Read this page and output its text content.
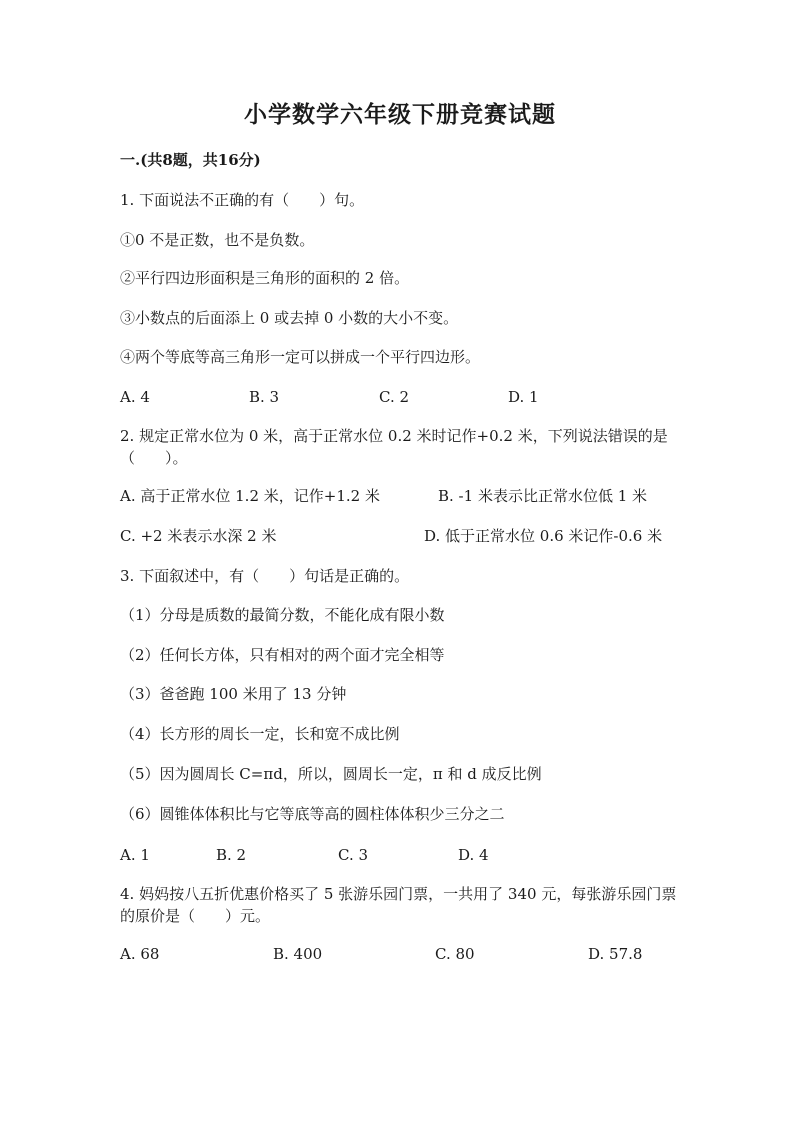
小学数学六年级下册竞赛试题
一.(共8题，共16分)
1. 下面说法不正确的有（　　）句。
①0 不是正数，也不是负数。
②平行四边形面积是三角形的面积的 2 倍。
③小数点的后面添上 0 或去掉 0 小数的大小不变。
④两个等底等高三角形一定可以拼成一个平行四边形。
A. 4	B. 3	C. 2	D. 1
2. 规定正常水位为 0 米，高于正常水位 0.2 米时记作+0.2 米，下列说法错误的是（　　）。
A. 高于正常水位 1.2 米，记作+1.2 米	B. -1 米表示比正常水位低 1 米
C. +2 米表示水深 2 米	D. 低于正常水位 0.6 米记作-0.6 米
3. 下面叙述中，有（　　）句话是正确的。
（1）分母是质数的最简分数，不能化成有限小数
（2）任何长方体，只有相对的两个面才完全相等
（3）爸爸跑 100 米用了 13 分钟
（4）长方形的周长一定，长和宽不成比例
（5）因为圆周长 C=πd，所以，圆周长一定，π 和 d 成反比例
（6）圆锥体体积比与它等底等高的圆柱体体积少三分之二
A. 1	B. 2	C. 3	D. 4
4. 妈妈按八五折优惠价格买了 5 张游乐园门票，一共用了 340 元，每张游乐园门票的原价是（　　）元。
A. 68	B. 400	C. 80	D. 57.8
